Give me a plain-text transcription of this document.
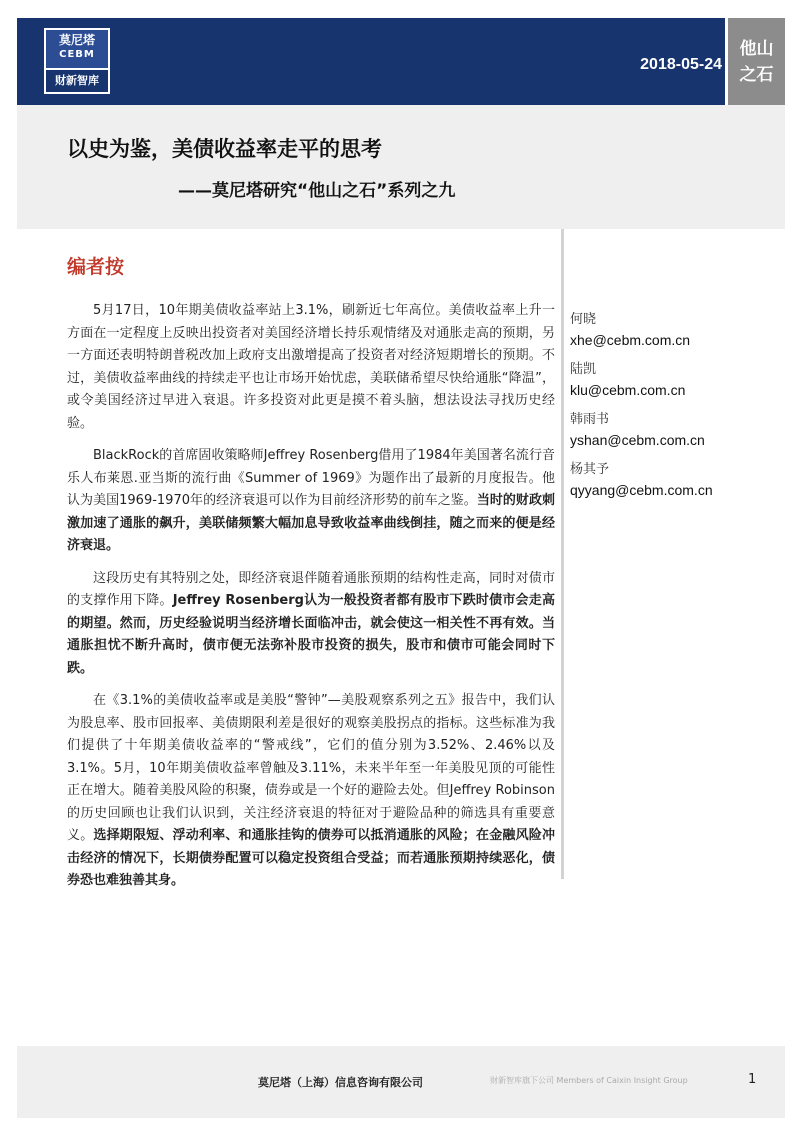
莫尼塔
CEBM
财新智库
2018-05-24
他山
之石
以史为鉴，美债收益率走平的思考
——莫尼塔研究“他山之石”系列之九
编者按

5月17日，10年期美债收益率站上3.1%，刷新近七年高位。美债收益率上升一方面在一定程度上反映出投资者对美国经济增长持乐观情绪及对通胀走高的预期，另一方面还表明特朗普税改加上政府支出激增提高了投资者对经济短期增长的预期。不过，美债收益率曲线的持续走平也让市场开始忧虑，美联储希望尽快给通胀“降温”，或令美国经济过早进入衰退。许多投资对此更是摸不着头脑，想法设法寻找历史经验。

BlackRock的首席固收策略师Jeffrey Rosenberg借用了1984年美国著名流行音乐人布莱恩.亚当斯的流行曲《Summer of 1969》为题作出了最新的月度报告。他认为美国1969-1970年的经济衰退可以作为目前经济形势的前车之鉴。当时的财政刺激加速了通胀的飙升，美联储频繁大幅加息导致收益率曲线倒挂，随之而来的便是经济衰退。

这段历史有其特别之处，即经济衰退伴随着通胀预期的结构性走高，同时对债市的支撑作用下降。Jeffrey Rosenberg认为一般投资者都有股市下跌时债市会走高的期望。然而，历史经验说明当经济增长面临冲击，就会使这一相关性不再有效。当通胀担忧不断升高时，债市便无法弥补股市投资的损失，股市和债市可能会同时下跌。

在《3.1%的美债收益率或是美股“警钟”—美股观察系列之五》报告中，我们认为股息率、股市回报率、美债期限利差是很好的观察美股拐点的指标。这些标准为我们提供了十年期美债收益率的“警戒线”，它们的值分别为3.52%、2.46%以及3.1%。5月，10年期美债收益率曾触及3.11%，未来半年至一年美股见顶的可能性正在增大。随着美股风险的积聚，债券或是一个好的避险去处。但Jeffrey Robinson的历史回顾也让我们认识到，关注经济衰退的特征对于避险品种的筛选具有重要意义。选择期限短、浮动利率、和通胀挂钩的债券可以抵消通胀的风险；在金融风险冲击经济的情况下，长期债券配置可以稳定投资组合受益；而若通胀预期持续恶化，债券恐也难独善其身。

何晓
xhe@cebm.com.cn
陆凯
klu@cebm.com.cn
韩雨书
yshan@cebm.com.cn
杨其予
qyyang@cebm.com.cn
莫尼塔（上海）信息咨询有限公司	财新智库旗下公司 Members of Caixin Insight Group	1
